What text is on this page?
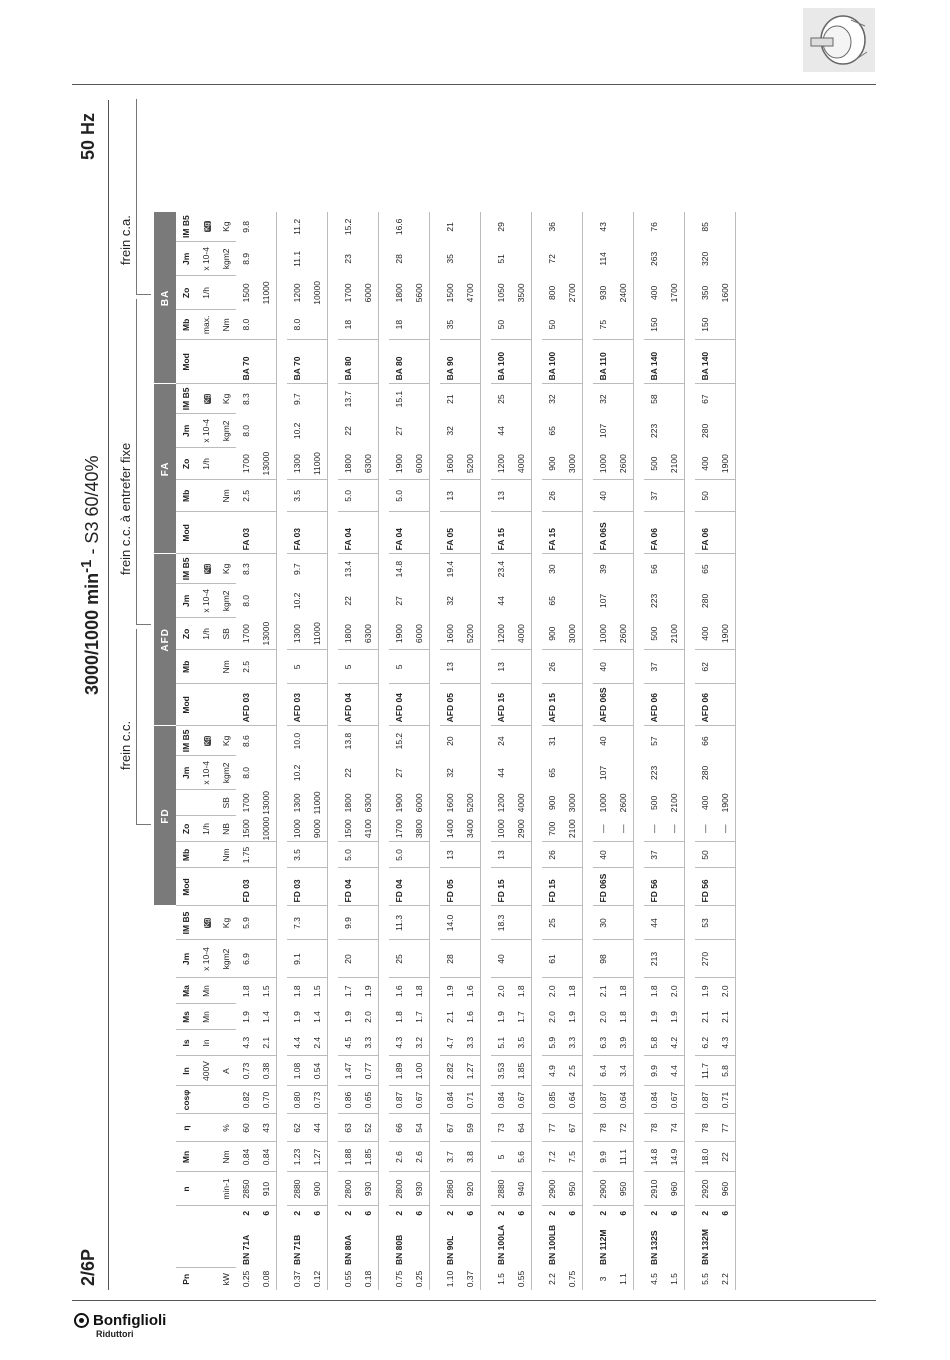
Bonfiglioli
Riduttori
2/6P
3000/1000 $\min^{-1} - S3$ 60/40%
50 Hz
frein c.c.
frein c.c. à entrefer fixe
frein c.a.
													FD						AFD					FA					BA				
Pn			n	Mn	η	cosφ	In	Is	Ms	Ma	Jm	IM B5	Mod	Mb	Zo		Jm	IM B5	Mod	Mb	Zo	Jm	IM B5	Mod	Mb	Zo	Jm	IM B5	Mod	Mb	Zo	Jm	IM B5
							400V	In	Mn	Mn	x 10-4	Kg			1/h		x 10-4	Kg			1/h	x 10-4	Kg			1/h	x 10-4	Kg		max.	1/h	x 10-4	Kg
kW			min-1	Nm	%		A				kgm2	Kg		Nm	NB	SB	kgm2	Kg		Nm	SB	kgm2	Kg		Nm		kgm2	Kg		Nm		kgm2	Kg
0.25	BN 71A	2	2850	0.84	60	0.82	0.73	4.3	1.9	1.8	6.9	5.9	FD 03	1.75	1500	1700	8.0	8.6	AFD 03	2.5	1700	8.0	8.3	FA 03	2.5	1700	8.0	8.3	BA 70	8.0	1500	8.9	9.8
0.08		6	910	0.84	43	0.70	0.38	2.1	1.4	1.5					10000	13000					13000					13000					11000		

0.37	BN 71B	2	2880	1.23	62	0.80	1.08	4.4	1.9	1.8	9.1	7.3	FD 03	3.5	1000	1300	10.2	10.0	AFD 03	5	1300	10.2	9.7	FA 03	3.5	1300	10.2	9.7	BA 70	8.0	1200	11.1	11.2
0.12		6	900	1.27	44	0.73	0.54	2.4	1.4	1.5					9000	11000					11000					11000					10000		

0.55	BN 80A	2	2800	1.88	63	0.86	1.47	4.5	1.9	1.7	20	9.9	FD 04	5.0	1500	1800	22	13.8	AFD 04	5	1800	22	13.4	FA 04	5.0	1800	22	13.7	BA 80	18	1700	23	15.2
0.18		6	930	1.85	52	0.65	0.77	3.3	2.0	1.9					4100	6300					6300					6300					6000		

0.75	BN 80B	2	2800	2.6	66	0.87	1.89	4.3	1.8	1.6	25	11.3	FD 04	5.0	1700	1900	27	15.2	AFD 04	5	1900	27	14.8	FA 04	5.0	1900	27	15.1	BA 80	18	1800	28	16.6
0.25		6	930	2.6	54	0.67	1.00	3.2	1.7	1.8					3800	6000					6000					6000					5600		

1.10	BN 90L	2	2860	3.7	67	0.84	2.82	4.7	2.1	1.9	28	14.0	FD 05	13	1400	1600	32	20	AFD 05	13	1600	32	19.4	FA 05	13	1600	32	21	BA 90	35	1500	35	21
0.37		6	920	3.8	59	0.71	1.27	3.3	1.6	1.6					3400	5200					5200					5200					4700		

1.5	BN 100LA	2	2880	5	73	0.84	3.53	5.1	1.9	2.0	40	18.3	FD 15	13	1000	1200	44	24	AFD 15	13	1200	44	23.4	FA 15	13	1200	44	25	BA 100	50	1050	51	29
0.55		6	940	5.6	64	0.67	1.85	3.5	1.7	1.8					2900	4000					4000					4000					3500		

2.2	BN 100LB	2	2900	7.2	77	0.85	4.9	5.9	2.0	2.0	61	25	FD 15	26	700	900	65	31	AFD 15	26	900	65	30	FA 15	26	900	65	32	BA 100	50	800	72	36
0.75		6	950	7.5	67	0.64	2.5	3.3	1.9	1.8					2100	3000					3000					3000					2700		

3	BN 112M	2	2900	9.9	78	0.87	6.4	6.3	2.0	2.1	98	30	FD 06S	40	—	1000	107	40	AFD 06S	40	1000	107	39	FA 06S	40	1000	107	32	BA 110	75	930	114	43
1.1		6	950	11.1	72	0.64	3.4	3.9	1.8	1.8					—	2600					2600					2600					2400		

4.5	BN 132S	2	2910	14.8	78	0.84	9.9	5.8	1.9	1.8	213	44	FD 56	37	—	500	223	57	AFD 06	37	500	223	56	FA 06	37	500	223	58	BA 140	150	400	263	76
1.5		6	960	14.9	74	0.67	4.4	4.2	1.9	2.0					—	2100					2100					2100					1700		

5.5	BN 132M	2	2920	18.0	78	0.87	11.7	6.2	2.1	1.9	270	53	FD 56	50	—	400	280	66	AFD 06	62	400	280	65	FA 06	50	400	280	67	BA 140	150	350	320	85
2.2		6	960	22	77	0.71	5.8	4.3	2.1	2.0					—	1900					1900					1900					1600		
